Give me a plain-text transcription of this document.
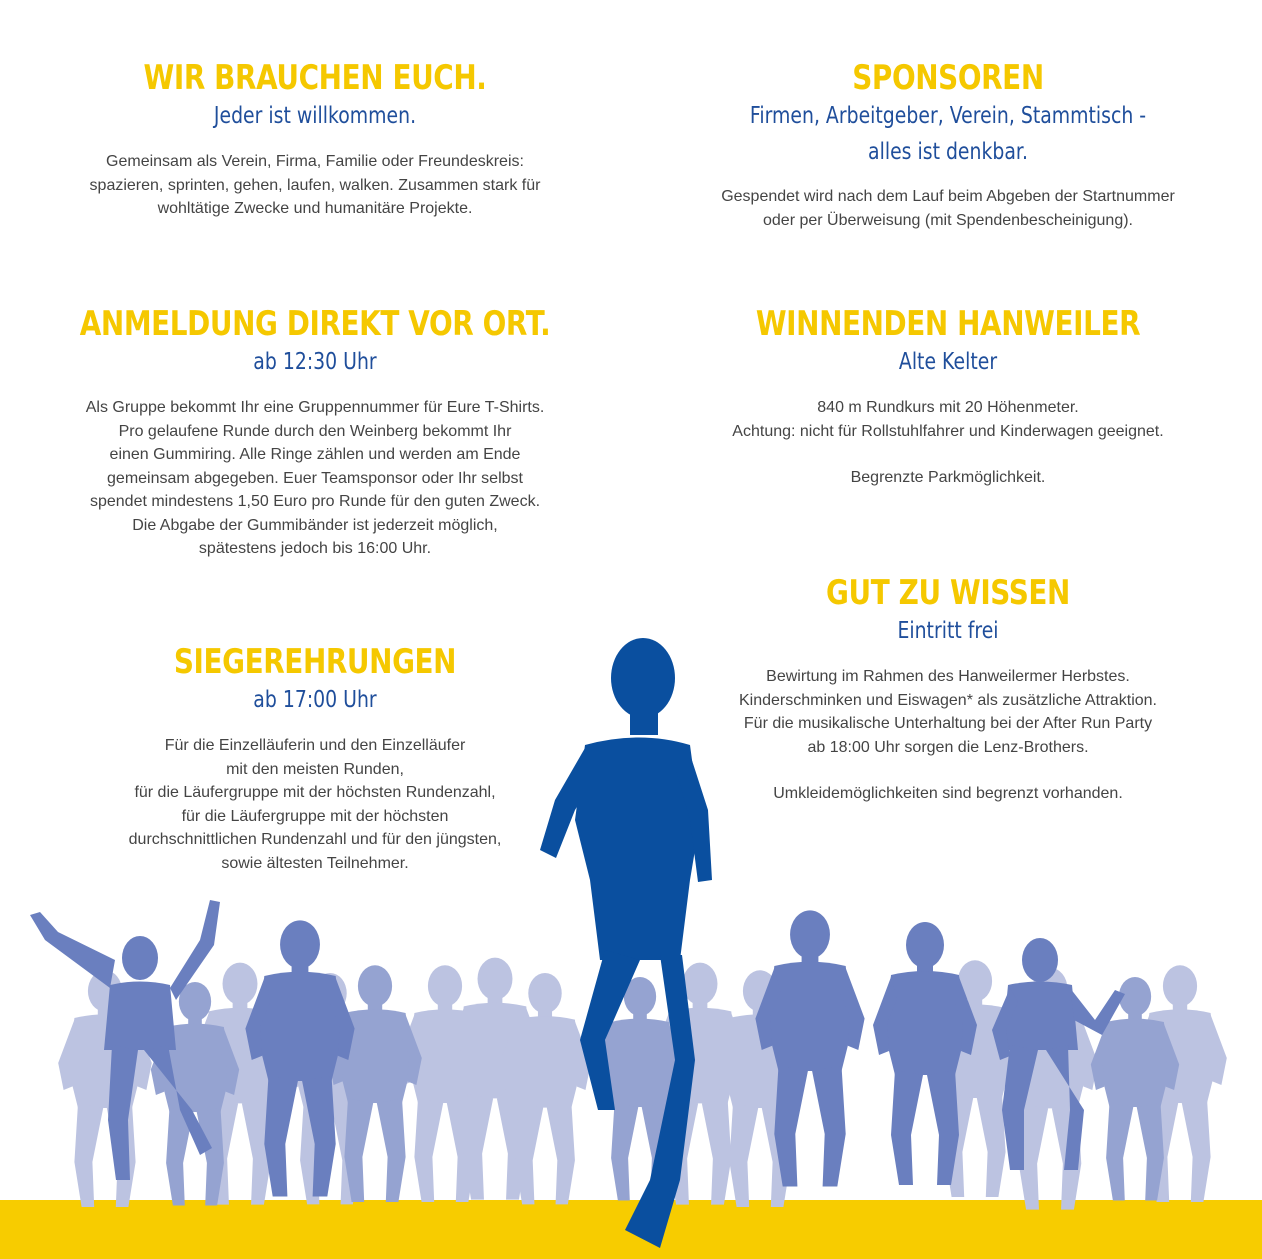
WIR BRAUCHEN EUCH.
Jeder ist willkommen.
Gemeinsam als Verein, Firma, Familie oder Freundeskreis:
spazieren, sprinten, gehen, laufen, walken. Zusammen stark für
wohltätige Zwecke und humanitäre Projekte.
SPONSOREN
Firmen, Arbeitgeber, Verein, Stammtisch -
alles ist denkbar.
Gespendet wird nach dem Lauf beim Abgeben der Startnummer
oder per Überweisung (mit Spendenbescheinigung).
ANMELDUNG DIREKT VOR ORT.
ab 12:30 Uhr
Als Gruppe bekommt Ihr eine Gruppennummer für Eure T-Shirts.
Pro gelaufene Runde durch den Weinberg bekommt Ihr
einen Gummiring. Alle Ringe zählen und werden am Ende
gemeinsam abgegeben. Euer Teamsponsor oder Ihr selbst
spendet mindestens 1,50 Euro pro Runde für den guten Zweck.
Die Abgabe der Gummibänder ist jederzeit möglich,
spätestens jedoch bis 16:00 Uhr.
WINNENDEN HANWEILER
Alte Kelter
840 m Rundkurs mit 20 Höhenmeter.
Achtung: nicht für Rollstuhlfahrer und Kinderwagen geeignet.
Begrenzte Parkmöglichkeit.
GUT ZU WISSEN
Eintritt frei
Bewirtung im Rahmen des Hanweilermer Herbstes.
Kinderschminken und Eiswagen* als zusätzliche Attraktion.
Für die musikalische Unterhaltung bei der After Run Party
ab 18:00 Uhr sorgen die Lenz-Brothers.
Umkleidemöglichkeiten sind begrenzt vorhanden.
SIEGEREHRUNGEN
ab 17:00 Uhr
Für die Einzelläuferin und den Einzelläufer
mit den meisten Runden,
für die Läufergruppe mit der höchsten Rundenzahl,
für die Läufergruppe mit der höchsten
durchschnittlichen Rundenzahl und für den jüngsten,
sowie ältesten Teilnehmer.
